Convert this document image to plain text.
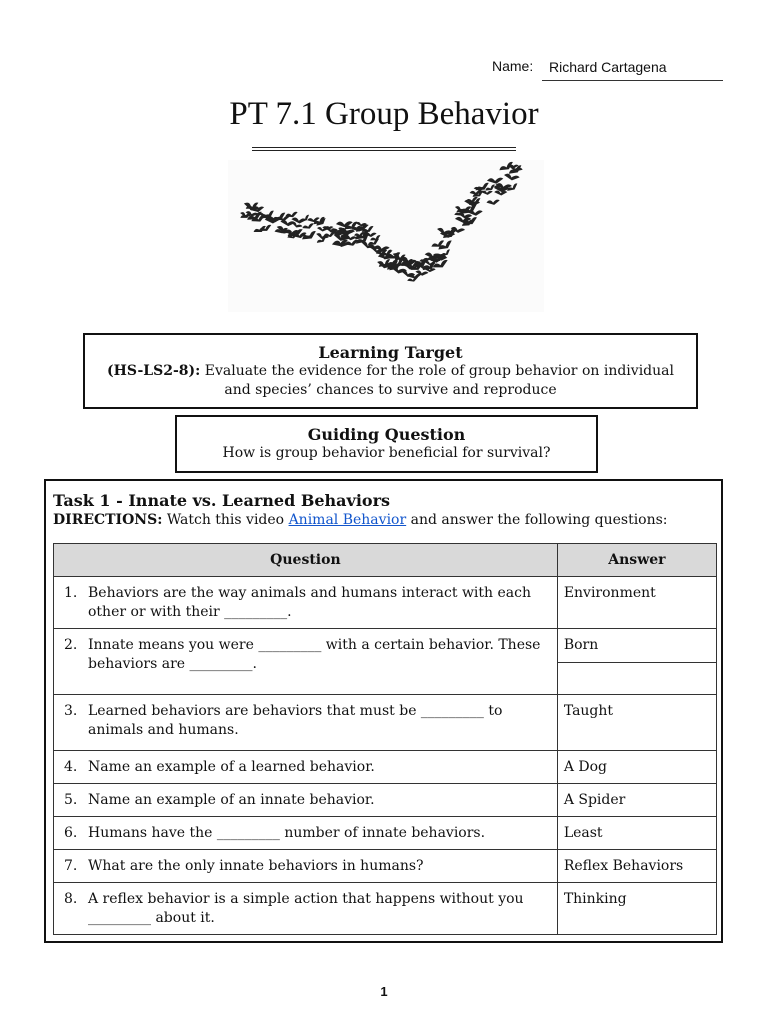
Name:	Richard Cartagena
PT 7.1 Group Behavior
Learning Target
(HS-LS2-8): Evaluate the evidence for the role of group behavior on individual and species’ chances to survive and reproduce
Guiding Question
How is group behavior beneficial for survival?
Task 1 - Innate vs. Learned Behaviors
DIRECTIONS: Watch this video Animal Behavior and answer the following questions:
Question	Answer
1. Behaviors are the way animals and humans interact with each other or with their _________.	Environment
2. Innate means you were _________ with a certain behavior. These behaviors are _________.	Born

3. Learned behaviors are behaviors that must be _________ to animals and humans.	Taught
4. Name an example of a learned behavior.	A Dog
5. Name an example of an innate behavior.	A Spider
6. Humans have the _________ number of innate behaviors.	Least
7. What are the only innate behaviors in humans?	Reflex Behaviors
8. A reflex behavior is a simple action that happens without you _________ about it.	Thinking
1
